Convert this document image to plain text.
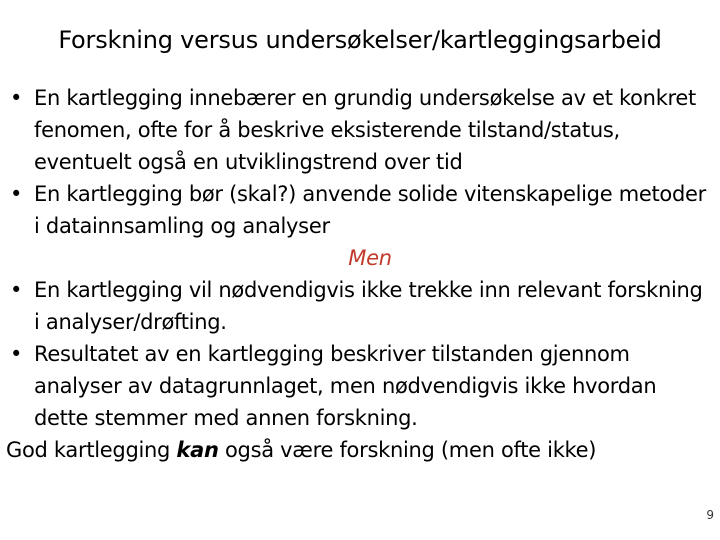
Forskning versus undersøkelser/kartleggingsarbeid
• En kartlegging innebærer en grundig undersøkelse av et konkret fenomen, ofte for å beskrive eksisterende tilstand/status, eventuelt også en utviklingstrend over tid
• En kartlegging bør (skal?) anvende solide vitenskapelige metoder i datainnsamling og analyser
Men
• En kartlegging vil nødvendigvis ikke trekke inn relevant forskning i analyser/drøfting.
• Resultatet av en kartlegging beskriver tilstanden gjennom analyser av datagrunnlaget, men nødvendigvis ikke hvordan dette stemmer med annen forskning.
God kartlegging kan også være forskning (men ofte ikke)
9
